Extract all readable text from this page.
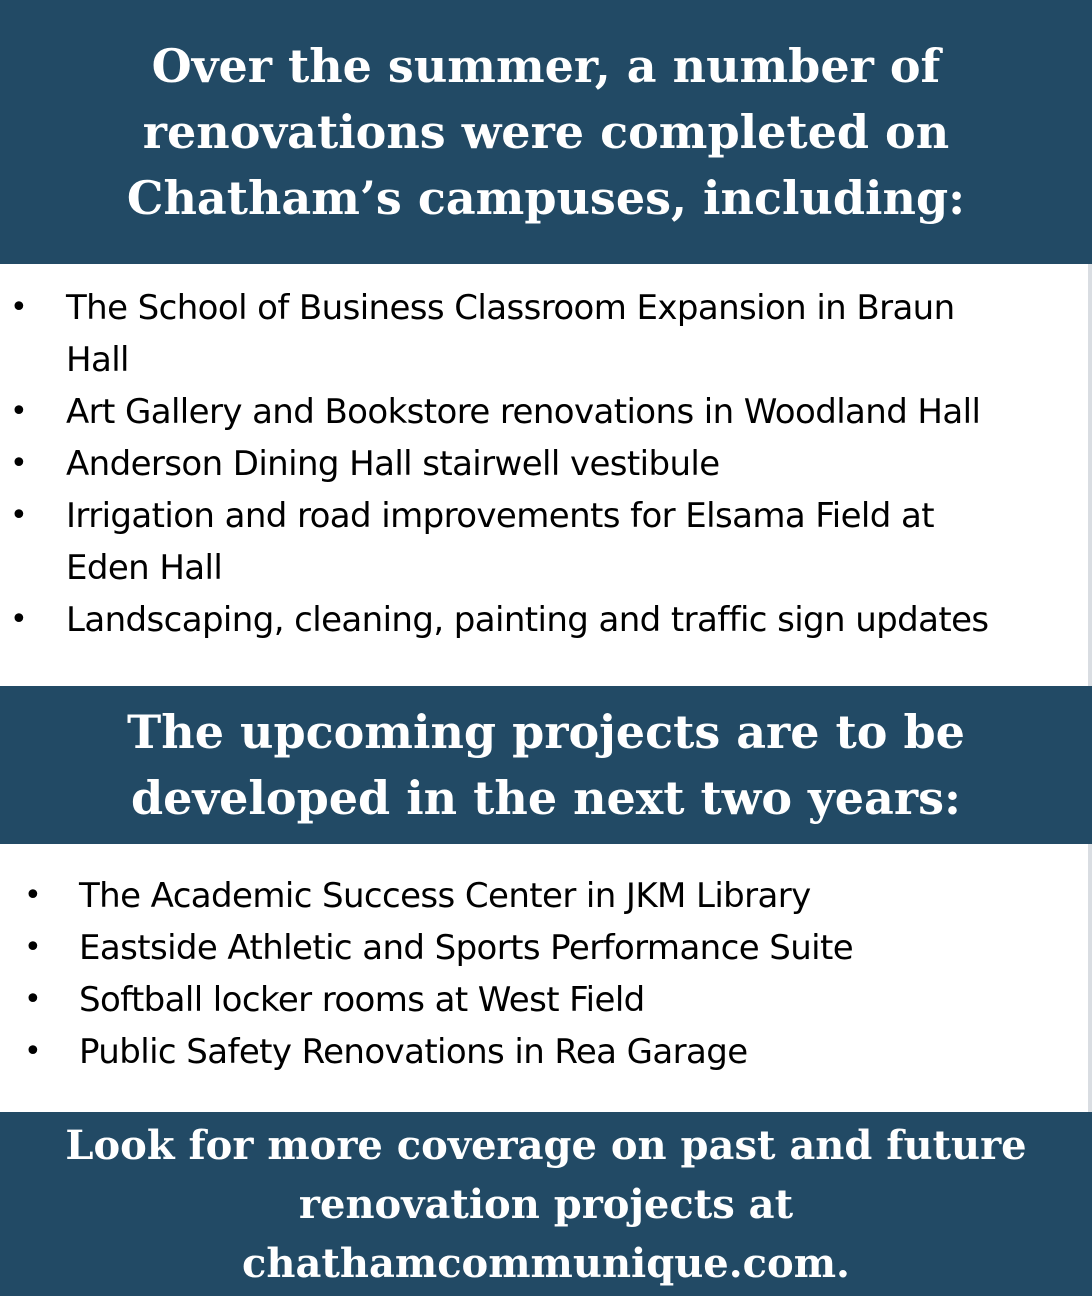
Over the summer, a number of
renovations were completed on
Chatham’s campuses, including:
• The School of Business Classroom Expansion in Braun
Hall
• Art Gallery and Bookstore renovations in Woodland Hall
• Anderson Dining Hall stairwell vestibule
• Irrigation and road improvements for Elsama Field at
Eden Hall
• Landscaping, cleaning, painting and traffic sign updates
The upcoming projects are to be
developed in the next two years:
• The Academic Success Center in JKM Library
• Eastside Athletic and Sports Performance Suite
• Softball locker rooms at West Field
• Public Safety Renovations in Rea Garage
Look for more coverage on past and future
renovation projects at
chathamcommunique.com.
